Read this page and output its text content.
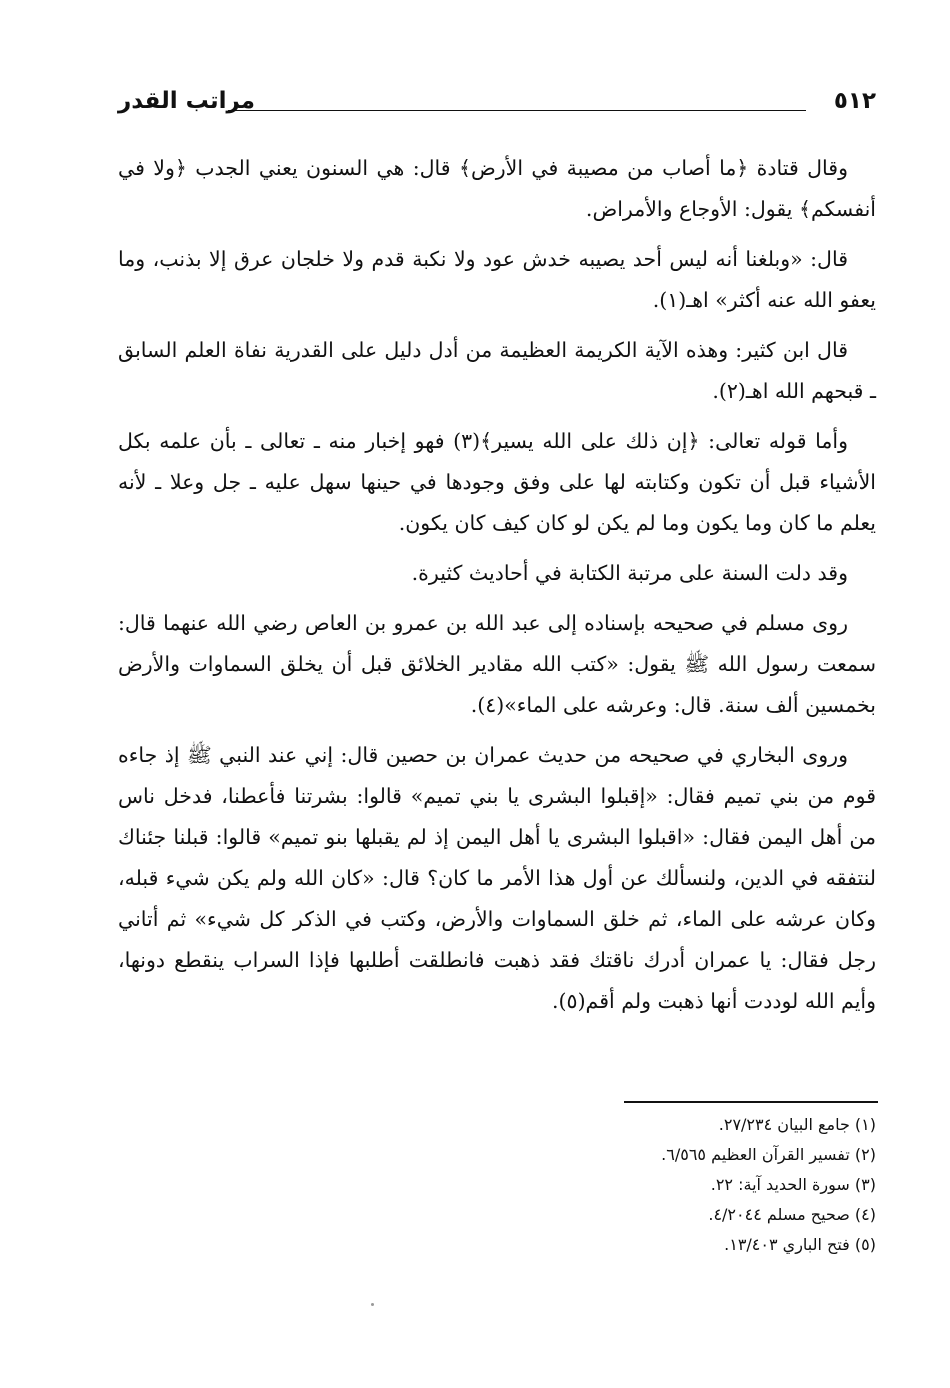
٥١٢
مراتب القدر

وقال قتادة ﴿ما أصاب من مصيبة في الأرض﴾ قال: هي السنون يعني الجدب ﴿ولا في أنفسكم﴾ يقول: الأوجاع والأمراض.

قال: «وبلغنا أنه ليس أحد يصيبه خدش عود ولا نكبة قدم ولا خلجان عرق إلا بذنب، وما يعفو الله عنه أكثر» اهـ(١).

قال ابن كثير: وهذه الآية الكريمة العظيمة من أدل دليل على القدرية نفاة العلم السابق ـ قبحهم الله اهـ(٢).

وأما قوله تعالى: ﴿إن ذلك على الله يسير﴾(٣) فهو إخبار منه ـ تعالى ـ بأن علمه بكل الأشياء قبل أن تكون وكتابته لها على وفق وجودها في حينها سهل عليه ـ جل وعلا ـ لأنه يعلم ما كان وما يكون وما لم يكن لو كان كيف كان يكون.

وقد دلت السنة على مرتبة الكتابة في أحاديث كثيرة.

روى مسلم في صحيحه بإسناده إلى عبد الله بن عمرو بن العاص رضي الله عنهما قال: سمعت رسول الله ﷺ يقول: «كتب الله مقادير الخلائق قبل أن يخلق السماوات والأرض بخمسين ألف سنة. قال: وعرشه على الماء»(٤).

وروى البخاري في صحيحه من حديث عمران بن حصين قال: إني عند النبي ﷺ إذ جاءه قوم من بني تميم فقال: «إقبلوا البشرى يا بني تميم» قالوا: بشرتنا فأعطنا، فدخل ناس من أهل اليمن فقال: «اقبلوا البشرى يا أهل اليمن إذ لم يقبلها بنو تميم» قالوا: قبلنا جئناك لنتفقه في الدين، ولنسألك عن أول هذا الأمر ما كان؟ قال: «كان الله ولم يكن شيء قبله، وكان عرشه على الماء، ثم خلق السماوات والأرض، وكتب في الذكر كل شيء» ثم أتاني رجل فقال: يا عمران أدرك ناقتك فقد ذهبت فانطلقت أطلبها فإذا السراب ينقطع دونها، وأيم الله لوددت أنها ذهبت ولم أقم(٥).

(١) جامع البيان ٢٧/٢٣٤.
(٢) تفسير القرآن العظيم ٦/٥٦٥.
(٣) سورة الحديد آية: ٢٢.
(٤) صحيح مسلم ٤/٢٠٤٤.
(٥) فتح الباري ١٣/٤٠٣.
